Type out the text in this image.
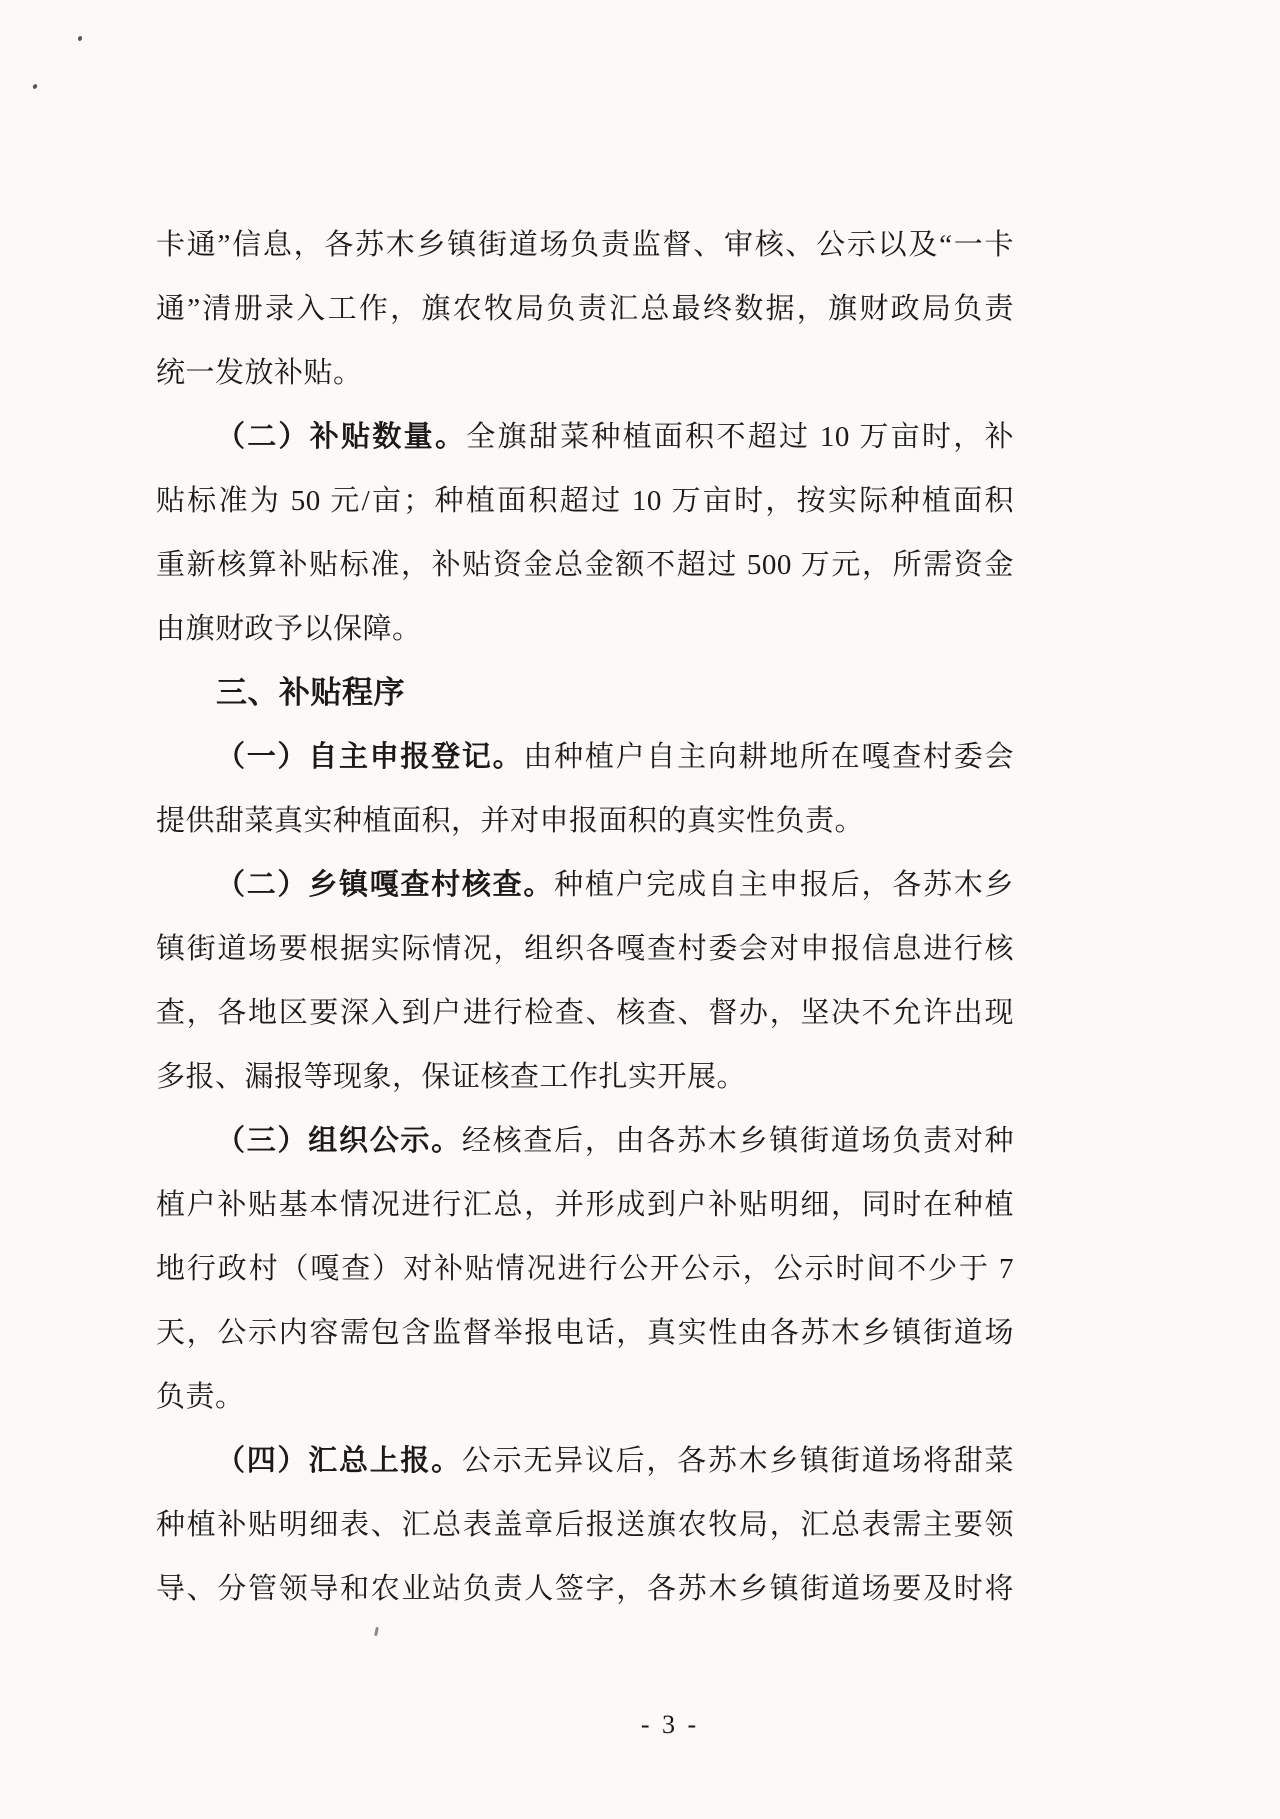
卡通”信息，各苏木乡镇街道场负责监督、审核、公示以及“一卡
通”清册录入工作，旗农牧局负责汇总最终数据，旗财政局负责
统一发放补贴。
（二）补贴数量。全旗甜菜种植面积不超过 10 万亩时，补
贴标准为 50 元/亩；种植面积超过 10 万亩时，按实际种植面积
重新核算补贴标准，补贴资金总金额不超过 500 万元，所需资金
由旗财政予以保障。
三、补贴程序
（一）自主申报登记。由种植户自主向耕地所在嘎查村委会
提供甜菜真实种植面积，并对申报面积的真实性负责。
（二）乡镇嘎查村核查。种植户完成自主申报后，各苏木乡
镇街道场要根据实际情况，组织各嘎查村委会对申报信息进行核
查，各地区要深入到户进行检查、核查、督办，坚决不允许出现
多报、漏报等现象，保证核查工作扎实开展。
（三）组织公示。经核查后，由各苏木乡镇街道场负责对种
植户补贴基本情况进行汇总，并形成到户补贴明细，同时在种植
地行政村（嘎查）对补贴情况进行公开公示，公示时间不少于 7
天，公示内容需包含监督举报电话，真实性由各苏木乡镇街道场
负责。
（四）汇总上报。公示无异议后，各苏木乡镇街道场将甜菜
种植补贴明细表、汇总表盖章后报送旗农牧局，汇总表需主要领
导、分管领导和农业站负责人签字，各苏木乡镇街道场要及时将
- 3 -
